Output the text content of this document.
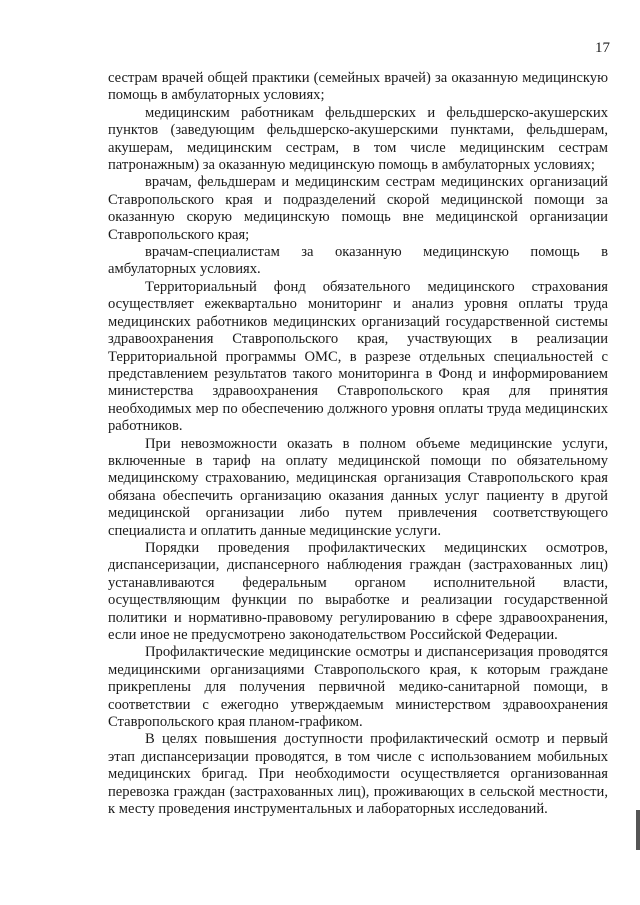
17

сестрам врачей общей практики (семейных врачей) за оказанную медицинскую помощь в амбулаторных условиях;

медицинским работникам фельдшерских и фельдшерско-акушерских пунктов (заведующим фельдшерско-акушерскими пунктами, фельдшерам, акушерам, медицинским сестрам, в том числе медицинским сестрам патронажным) за оказанную медицинскую помощь в амбулаторных условиях;

врачам, фельдшерам и медицинским сестрам медицинских организаций Ставропольского края и подразделений скорой медицинской помощи за оказанную скорую медицинскую помощь вне медицинской организации Ставропольского края;

врачам-специалистам за оказанную медицинскую помощь в амбулаторных условиях.

Территориальный фонд обязательного медицинского страхования осуществляет ежеквартально мониторинг и анализ уровня оплаты труда медицинских работников медицинских организаций государственной системы здравоохранения Ставропольского края, участвующих в реализации Территориальной программы ОМС, в разрезе отдельных специальностей с представлением результатов такого мониторинга в Фонд и информированием министерства здравоохранения Ставропольского края для принятия необходимых мер по обеспечению должного уровня оплаты труда медицинских работников.

При невозможности оказать в полном объеме медицинские услуги, включенные в тариф на оплату медицинской помощи по обязательному медицинскому страхованию, медицинская организация Ставропольского края обязана обеспечить организацию оказания данных услуг пациенту в другой медицинской организации либо путем привлечения соответствующего специалиста и оплатить данные медицинские услуги.

Порядки проведения профилактических медицинских осмотров, диспансеризации, диспансерного наблюдения граждан (застрахованных лиц) устанавливаются федеральным органом исполнительной власти, осуществляющим функции по выработке и реализации государственной политики и нормативно-правовому регулированию в сфере здравоохранения, если иное не предусмотрено законодательством Российской Федерации.

Профилактические медицинские осмотры и диспансеризация проводятся медицинскими организациями Ставропольского края, к которым граждане прикреплены для получения первичной медико-санитарной помощи, в соответствии с ежегодно утверждаемым министерством здравоохранения Ставропольского края планом-графиком.

В целях повышения доступности профилактический осмотр и первый этап диспансеризации проводятся, в том числе с использованием мобильных медицинских бригад. При необходимости осуществляется организованная перевозка граждан (застрахованных лиц), проживающих в сельской местности, к месту проведения инструментальных и лабораторных исследований.
